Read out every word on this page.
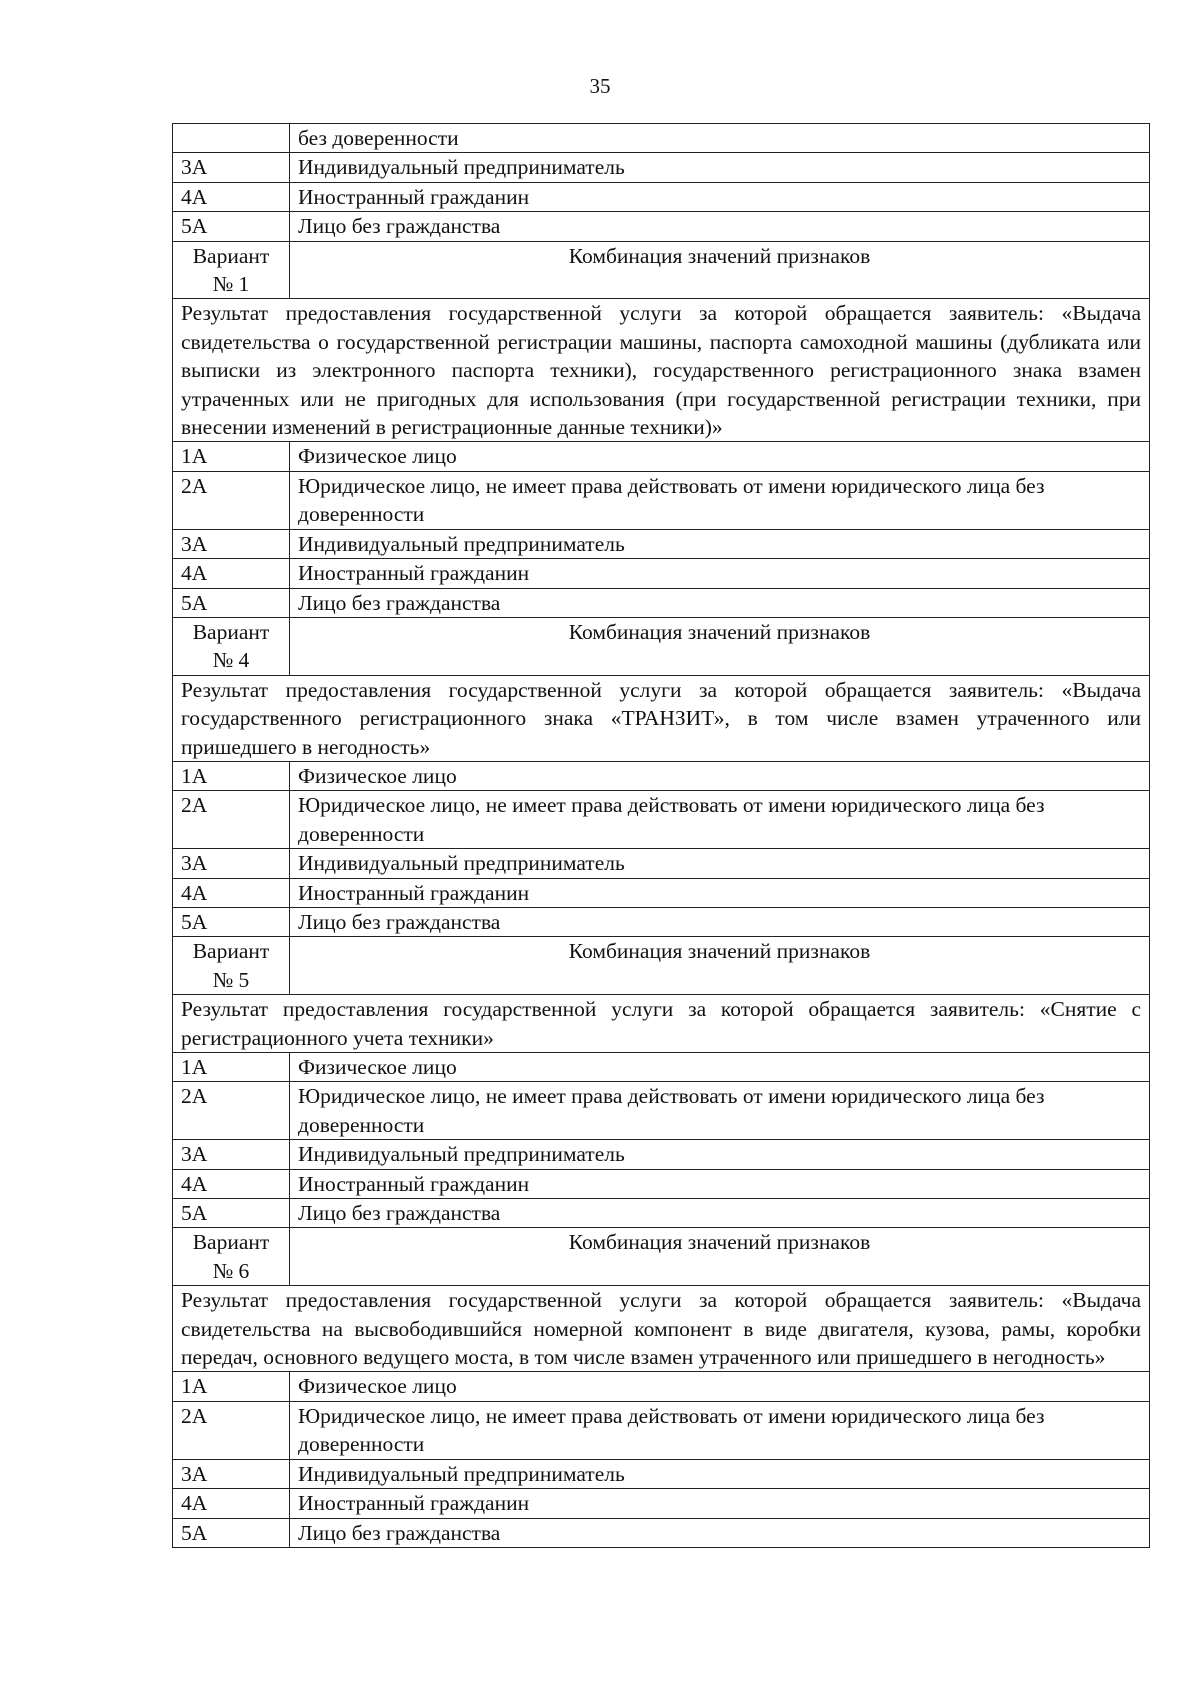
35
	без доверенности
3А	Индивидуальный предприниматель
4А	Иностранный гражданин
5А	Лицо без гражданства

Вариант
№ 1	Комбинация значений признаков
Результат предоставления государственной услуги за которой обращается заявитель: «Выдача свидетельства о государственной регистрации машины, паспорта самоходной машины (дубликата или выписки из электронного паспорта техники), государственного регистрационного знака взамен утраченных или не пригодных для использования (при государственной регистрации техники, при внесении изменений в регистрационные данные техники)»	
1А	Физическое лицо
2А	Юридическое лицо, не имеет права действовать от имени юридического лица без доверенности
3А	Индивидуальный предприниматель
4А	Иностранный гражданин
5А	Лицо без гражданства

Вариант
№ 4	Комбинация значений признаков
Результат предоставления государственной услуги за которой обращается заявитель: «Выдача государственного регистрационного знака «ТРАНЗИТ», в том числе взамен утраченного или пришедшего в негодность»	
1А	Физическое лицо
2А	Юридическое лицо, не имеет права действовать от имени юридического лица без доверенности
3А	Индивидуальный предприниматель
4А	Иностранный гражданин
5А	Лицо без гражданства

Вариант
№ 5	Комбинация значений признаков
Результат предоставления государственной услуги за которой обращается заявитель: «Снятие с регистрационного учета техники»	
1А	Физическое лицо
2А	Юридическое лицо, не имеет права действовать от имени юридического лица без доверенности
3А	Индивидуальный предприниматель
4А	Иностранный гражданин
5А	Лицо без гражданства

Вариант
№ 6	Комбинация значений признаков
Результат предоставления государственной услуги за которой обращается заявитель: «Выдача свидетельства на высвободившийся номерной компонент в виде двигателя, кузова, рамы, коробки передач, основного ведущего моста, в том числе взамен утраченного или пришедшего в негодность»	
1А	Физическое лицо
2А	Юридическое лицо, не имеет права действовать от имени юридического лица без доверенности
3А	Индивидуальный предприниматель
4А	Иностранный гражданин
5А	Лицо без гражданства
